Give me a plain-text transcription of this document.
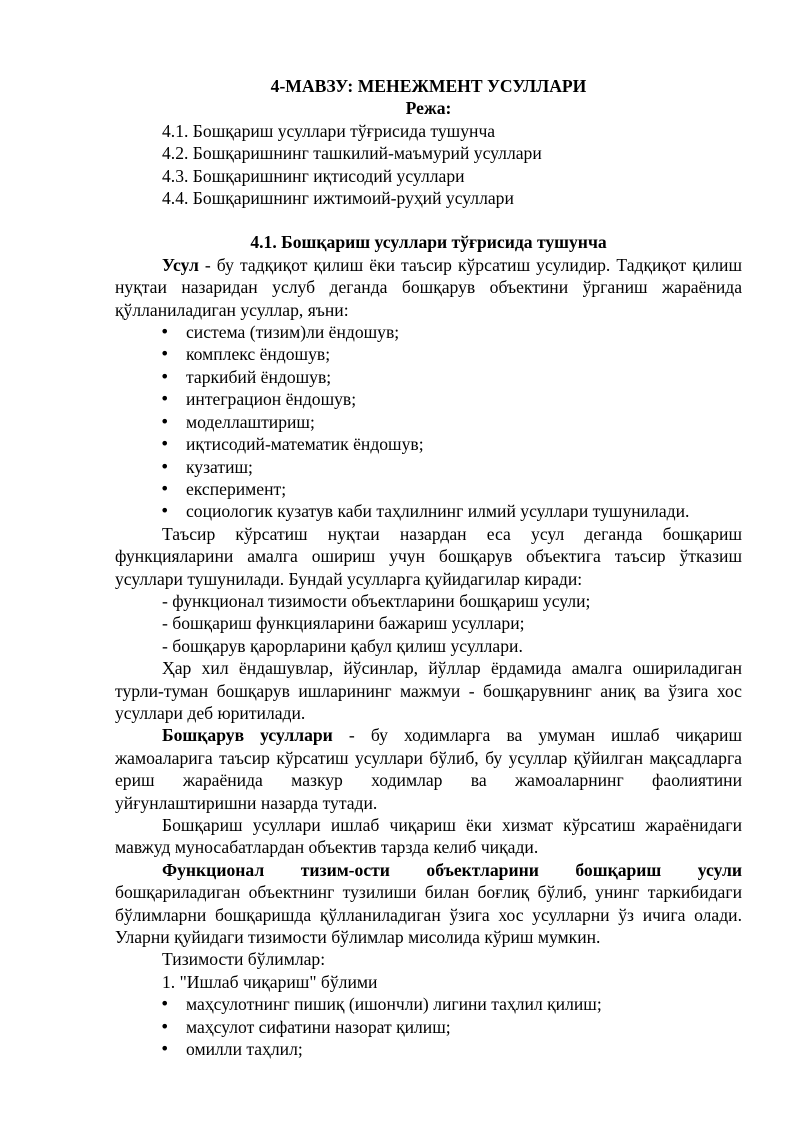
4-МАВЗУ: МЕНЕЖМЕНТ УСУЛЛАРИ
Режа:
4.1. Бошқариш усуллари тўғрисида тушунча
4.2. Бошқаришнинг ташкилий-маъмурий усуллари
4.3. Бошқаришнинг иқтисодий усуллари
4.4. Бошқаришнинг ижтимоий-руҳий усуллари
4.1. Бошқариш усуллари тўғрисида тушунча

Усул - бу тадқиқот қилиш ёки таъсир кўрсатиш усулидир. Тадқиқот қилиш нуқтаи назаридан услуб деганда бошқарув объектини ўрганиш жараёнида қўлланиладиган усуллар, яъни:

• система (тизим)ли ёндошув;
• комплекс ёндошув;
• таркибий ёндошув;
• интеграцион ёндошув;
• моделлаштириш;
• иқтисодий-математик ёндошув;
• кузатиш;
• експеримент;
• социологик кузатув каби таҳлилнинг илмий усуллари тушунилади.

Таъсир кўрсатиш нуқтаи назардан еса усул деганда бошқариш функцияларини амалга ошириш учун бошқарув объектига таъсир ўтказиш усуллари тушунилади. Бундай усулларга қуйидагилар киради:

- функционал тизимости объектларини бошқариш усули;
- бошқариш функцияларини бажариш усуллари;
- бошқарув қарорларини қабул қилиш усуллари.

Ҳар хил ёндашувлар, йўсинлар, йўллар ёрдамида амалга ошириладиган турли-туман бошқарув ишларининг мажмуи - бошқарувнинг аниқ ва ўзига хос усуллари деб юритилади.

Бошқарув усуллари - бу ходимларга ва умуман ишлаб чиқариш жамоаларига таъсир кўрсатиш усуллари бўлиб, бу усуллар қўйилган мақсадларга ериш жараёнида мазкур ходимлар ва жамоаларнинг фаолиятини уйғунлаштиришни назарда тутади.

Бошқариш усуллари ишлаб чиқариш ёки хизмат кўрсатиш жараёнидаги мавжуд муносабатлардан объектив тарзда келиб чиқади.

Функционал тизим-ости объектларини бошқариш усули бошқариладиган объектнинг тузилиши билан боғлиқ бўлиб, унинг таркибидаги бўлимларни бошқаришда қўлланиладиган ўзига хос усулларни ўз ичига олади. Уларни қуйидаги тизимости бўлимлар мисолида кўриш мумкин.

Тизимости бўлимлар:
1. "Ишлаб чиқариш" бўлими
• маҳсулотнинг пишиқ (ишончли) лигини таҳлил қилиш;
• маҳсулот сифатини назорат қилиш;
• омилли таҳлил;
